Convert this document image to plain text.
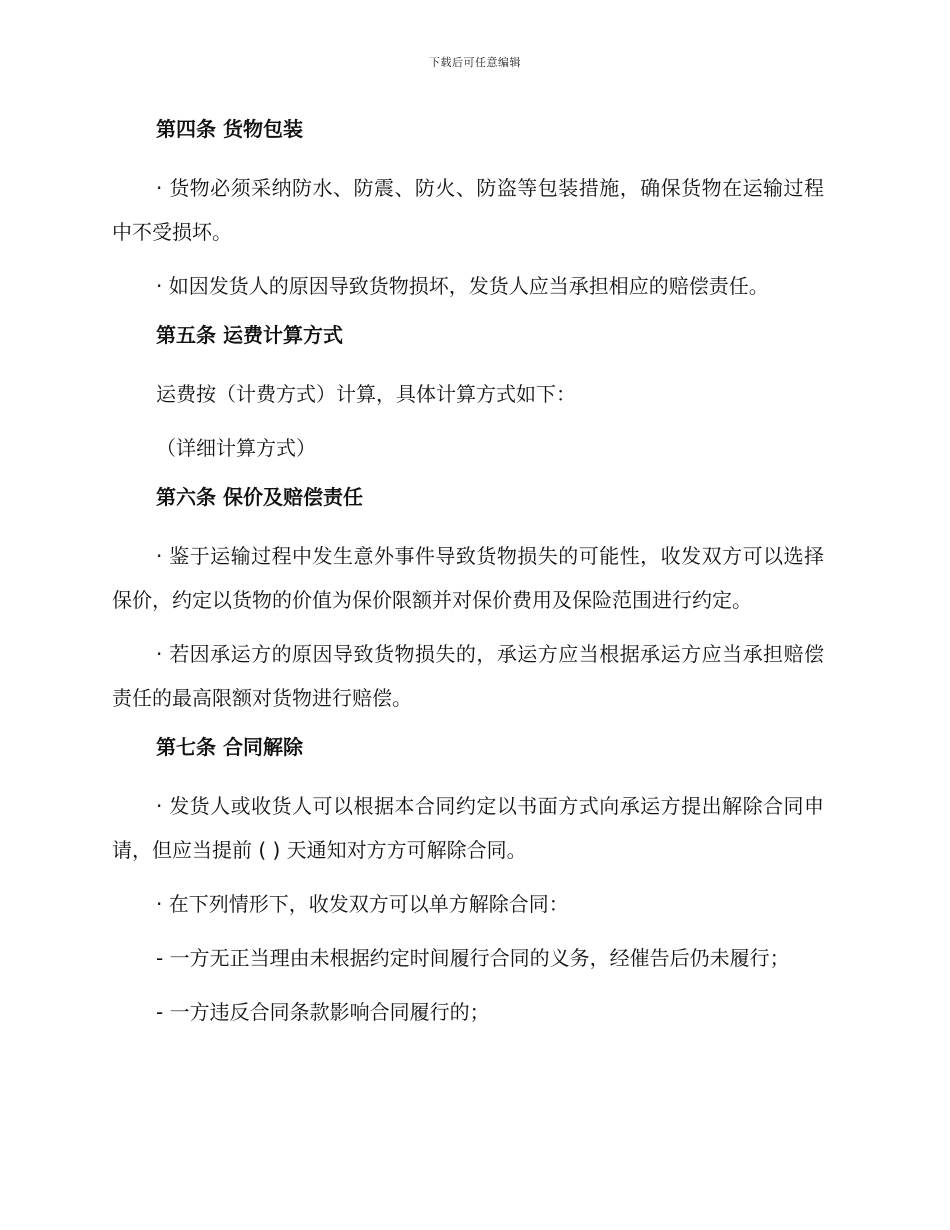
下载后可任意编辑
第四条 货物包装
· 货物必须采纳防水、防震、防火、防盗等包装措施，确保货物在运输过程中不受损坏。
· 如因发货人的原因导致货物损坏，发货人应当承担相应的赔偿责任。
第五条 运费计算方式
运费按（计费方式）计算，具体计算方式如下：
（详细计算方式）
第六条 保价及赔偿责任
· 鉴于运输过程中发生意外事件导致货物损失的可能性，收发双方可以选择保价，约定以货物的价值为保价限额并对保价费用及保险范围进行约定。
· 若因承运方的原因导致货物损失的，承运方应当根据承运方应当承担赔偿责任的最高限额对货物进行赔偿。
第七条 合同解除
· 发货人或收货人可以根据本合同约定以书面方式向承运方提出解除合同申请，但应当提前 ( ) 天通知对方方可解除合同。
· 在下列情形下，收发双方可以单方解除合同：
- 一方无正当理由未根据约定时间履行合同的义务，经催告后仍未履行；
- 一方违反合同条款影响合同履行的；
